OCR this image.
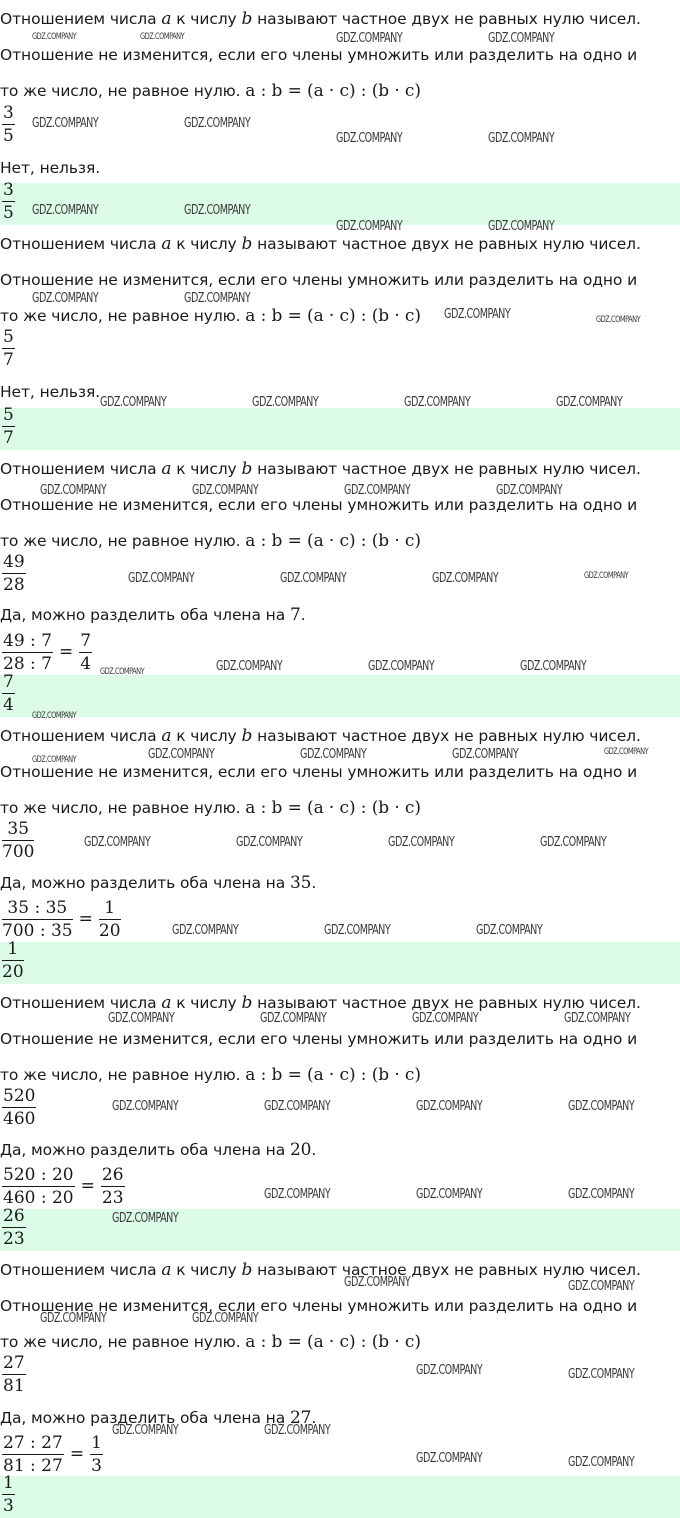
Отношением числа a к числу b называют частное двух не равных нулю чисел.
Отношение не изменится, если его члены умножить или разделить на одно и
то же число, не равное нулю. a : b = (a · c) : (b · c)
3
5
Нет, нельзя.
3
5
Отношением числа a к числу b называют частное двух не равных нулю чисел.
Отношение не изменится, если его члены умножить или разделить на одно и
то же число, не равное нулю. a : b = (a · c) : (b · c)
5
7
Нет, нельзя.
5
7
Отношением числа a к числу b называют частное двух не равных нулю чисел.
Отношение не изменится, если его члены умножить или разделить на одно и
то же число, не равное нулю. a : b = (a · c) : (b · c)
49
28
Да, можно разделить оба члена на 7.
$\frac{49 : 7}{28 : 7} = \frac{7}{4}$
7
4
Отношением числа a к числу b называют частное двух не равных нулю чисел.
Отношение не изменится, если его члены умножить или разделить на одно и
то же число, не равное нулю. a : b = (a · c) : (b · c)
35
700
Да, можно разделить оба члена на 35.
$\frac{35 : 35}{700 : 35} = \frac{1}{20}$
1
20
Отношением числа a к числу b называют частное двух не равных нулю чисел.
Отношение не изменится, если его члены умножить или разделить на одно и
то же число, не равное нулю. a : b = (a · c) : (b · c)
520
460
Да, можно разделить оба члена на 20.
$\frac{520 : 20}{460 : 20} = \frac{26}{23}$
26
23
Отношением числа a к числу b называют частное двух не равных нулю чисел.
Отношение не изменится, если его члены умножить или разделить на одно и
то же число, не равное нулю. a : b = (a · c) : (b · c)
27
81
Да, можно разделить оба члена на 27.
$\frac{27 : 27}{81 : 27} = \frac{1}{3}$
1
3
GDZ.COMPANY	GDZ.COMPANY	GDZ.COMPANY	GDZ.COMPANY
GDZ.COMPANY	GDZ.COMPANY
GDZ.COMPANY	GDZ.COMPANY
GDZ.COMPANY	GDZ.COMPANY
GDZ.COMPANY	GDZ.COMPANY
GDZ.COMPANY	GDZ.COMPANY
GDZ.COMPANY	GDZ.COMPANY
GDZ.COMPANY	GDZ.COMPANY	GDZ.COMPANY	GDZ.COMPANY
GDZ.COMPANY	GDZ.COMPANY	GDZ.COMPANY	GDZ.COMPANY
GDZ.COMPANY	GDZ.COMPANY	GDZ.COMPANY	GDZ.COMPANY
GDZ.COMPANY	GDZ.COMPANY	GDZ.COMPANY	GDZ.COMPANY
GDZ.COMPANY
GDZ.COMPANY	GDZ.COMPANY	GDZ.COMPANY	GDZ.COMPANY	GDZ.COMPANY
GDZ.COMPANY	GDZ.COMPANY	GDZ.COMPANY	GDZ.COMPANY
GDZ.COMPANY	GDZ.COMPANY	GDZ.COMPANY
GDZ.COMPANY	GDZ.COMPANY	GDZ.COMPANY	GDZ.COMPANY
GDZ.COMPANY	GDZ.COMPANY	GDZ.COMPANY	GDZ.COMPANY
GDZ.COMPANY	GDZ.COMPANY	GDZ.COMPANY
GDZ.COMPANY
GDZ.COMPANY	GDZ.COMPANY
GDZ.COMPANY	GDZ.COMPANY
GDZ.COMPANY	GDZ.COMPANY
GDZ.COMPANY	GDZ.COMPANY
GDZ.COMPANY	GDZ.COMPANY
